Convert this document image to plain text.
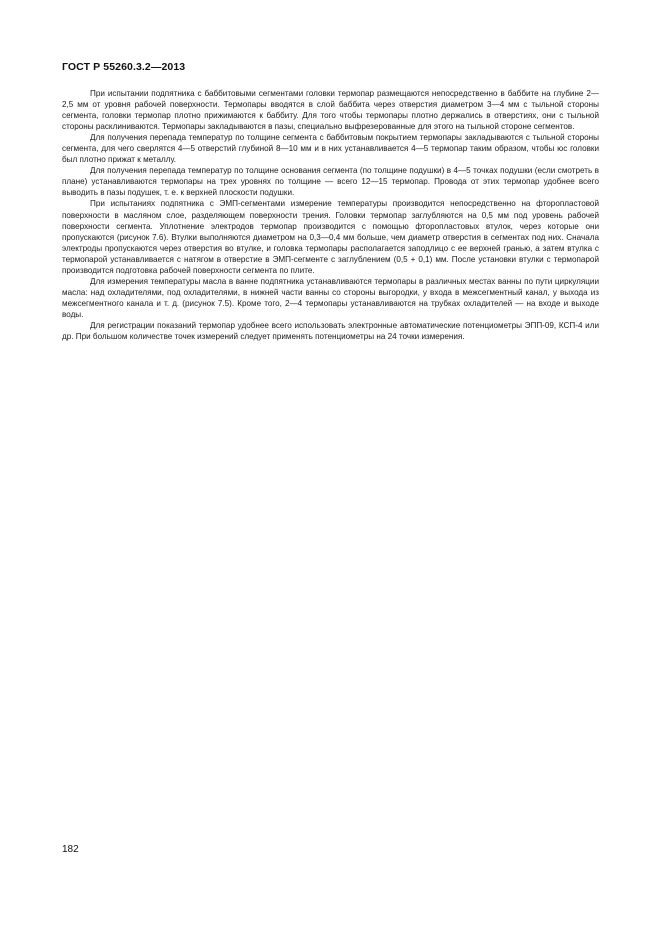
ГОСТ Р 55260.3.2—2013

При испытании подпятника с баббитовыми сегментами головки термопар размещаются непосредственно в баббите на глубине 2—2,5 мм от уровня рабочей поверхности. Термопары вводятся в слой баббита через отверстия диаметром 3—4 мм с тыльной стороны сегмента, головки термопар плотно прижимаются к баббиту. Для того чтобы термопары плотно держались в отверстиях, они с тыльной стороны расклиниваются. Термопары закладываются в пазы, специально выфрезерованные для этого на тыльной стороне сегментов.

Для получения перепада температур по толщине сегмента с баббитовым покрытием термопары закладываются с тыльной стороны сегмента, для чего сверлятся 4—5 отверстий глубиной 8—10 мм и в них устанавливается 4—5 термопар таким образом, чтобы юс головки был плотно прижат к металлу.

Для получения перепада температур по толщине основания сегмента (по толщине подушки) в 4—5 точках подушки (если смотреть в плане) устанавливаются термопары на трех уровнях по толщине — всего 12—15 термопар. Провода от этих термопар удобнее всего выводить в пазы подушек, т. е. к верхней плоскости подушки.

При испытаниях подпятника с ЭМП-сегментами измерение температуры производится непосредственно на фторопластовой поверхности в масляном слое, разделяющем поверхности трения. Головки термопар заглубляются на 0,5 мм под уровень рабочей поверхности сегмента. Уплотнение электродов термопар производится с помощью фторопластовых втулок, через которые они пропускаются (рисунок 7.6). Втулки выполняются диаметром на 0,3—0,4 мм больше, чем диаметр отверстия в сегментах под них. Сначала электроды пропускаются через отверстия во втулке, и головка термопары располагается заподлицо с ее верхней гранью, а затем втулка с термопарой устанавливается с натягом в отверстие в ЭМП-сегменте с заглублением (0,5 + 0,1) мм. После установки втулки с термопарой производится подготовка рабочей поверхности сегмента по плите.

Для измерения температуры масла в ванне подпятника устанавливаются термопары в различных местах ванны по пути циркуляции масла: над охладителями, под охладителями, в нижней части ванны со стороны выгородки, у входа в межсегментный канал, у выхода из межсегментного канала и т. д. (рисунок 7.5). Кроме того, 2—4 термопары устанавливаются на трубках охладителей — на входе и выходе воды.

Для регистрации показаний термопар удобнее всего использовать электронные автоматические потенциометры ЭПП-09, КСП-4 или др. При большом количестве точек измерений следует применять потенциометры на 24 точки измерения.

182
